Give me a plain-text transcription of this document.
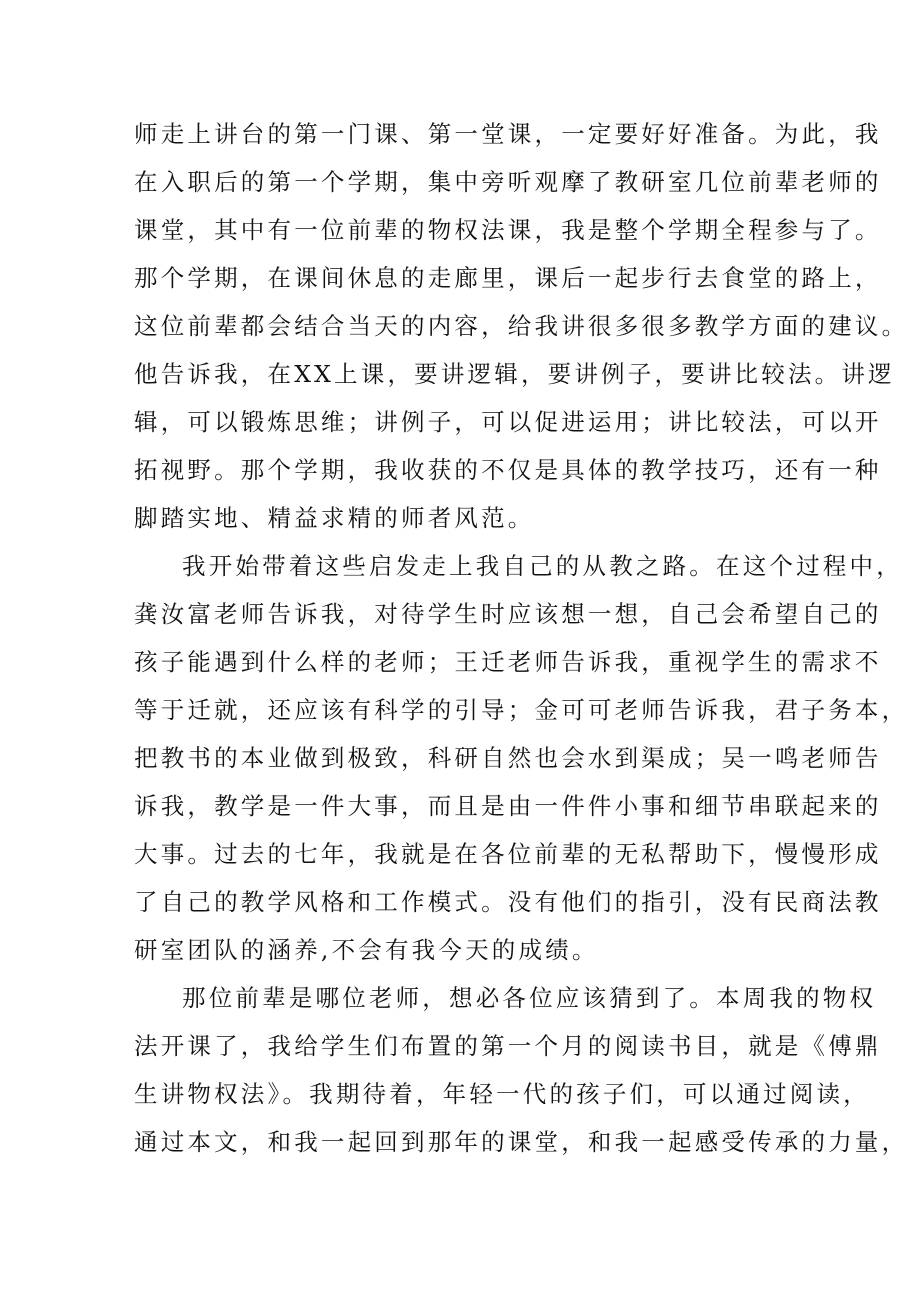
师走上讲台的第一门课、第一堂课，一定要好好准备。为此，我
在入职后的第一个学期，集中旁听观摩了教研室几位前辈老师的
课堂，其中有一位前辈的物权法课，我是整个学期全程参与了。
那个学期，在课间休息的走廊里，课后一起步行去食堂的路上，
这位前辈都会结合当天的内容，给我讲很多很多教学方面的建议。
他告诉我，在XX上课，要讲逻辑，要讲例子，要讲比较法。讲逻
辑，可以锻炼思维；讲例子，可以促进运用；讲比较法，可以开
拓视野。那个学期，我收获的不仅是具体的教学技巧，还有一种
脚踏实地、精益求精的师者风范。
我开始带着这些启发走上我自己的从教之路。在这个过程中，
龚汝富老师告诉我，对待学生时应该想一想，自己会希望自己的
孩子能遇到什么样的老师；王迁老师告诉我，重视学生的需求不
等于迁就，还应该有科学的引导；金可可老师告诉我，君子务本，
把教书的本业做到极致，科研自然也会水到渠成；吴一鸣老师告
诉我，教学是一件大事，而且是由一件件小事和细节串联起来的
大事。过去的七年，我就是在各位前辈的无私帮助下，慢慢形成
了自己的教学风格和工作模式。没有他们的指引，没有民商法教
研室团队的涵养,不会有我今天的成绩。
那位前辈是哪位老师，想必各位应该猜到了。本周我的物权
法开课了，我给学生们布置的第一个月的阅读书目，就是《傅鼎
生讲物权法》。我期待着，年轻一代的孩子们，可以通过阅读，
通过本文，和我一起回到那年的课堂，和我一起感受传承的力量，
